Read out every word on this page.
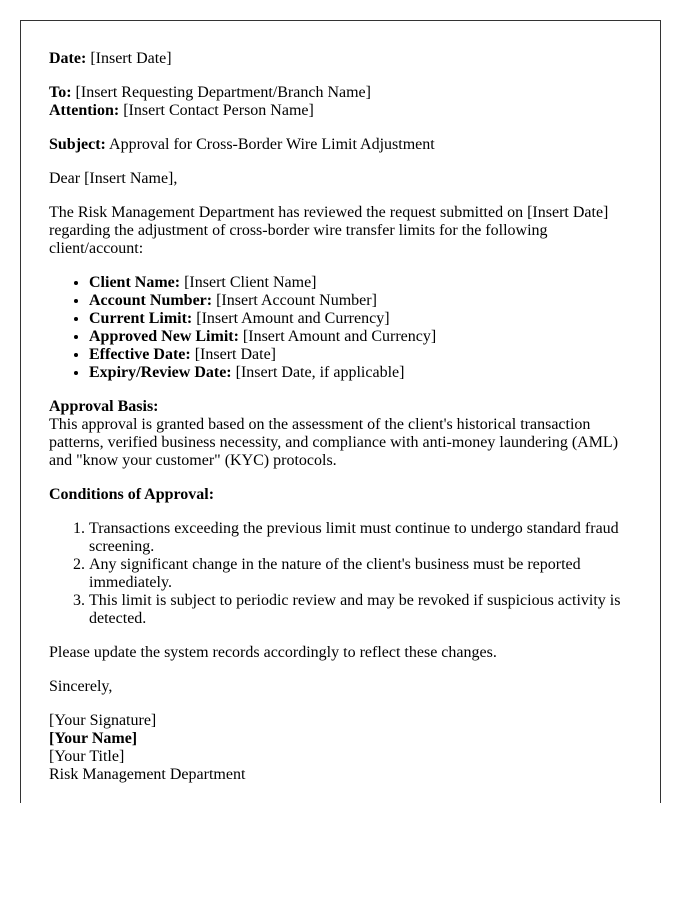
Date: [Insert Date]

To: [Insert Requesting Department/Branch Name]
Attention: [Insert Contact Person Name]

Subject: Approval for Cross-Border Wire Limit Adjustment

Dear [Insert Name],

The Risk Management Department has reviewed the request submitted on [Insert Date] regarding the adjustment of cross-border wire transfer limits for the following client/account:

• Client Name: [Insert Client Name]
• Account Number: [Insert Account Number]
• Current Limit: [Insert Amount and Currency]
• Approved New Limit: [Insert Amount and Currency]
• Effective Date: [Insert Date]
• Expiry/Review Date: [Insert Date, if applicable]

Approval Basis:
This approval is granted based on the assessment of the client's historical transaction patterns, verified business necessity, and compliance with anti-money laundering (AML) and "know your customer" (KYC) protocols.

Conditions of Approval:

1. Transactions exceeding the previous limit must continue to undergo standard fraud screening.
2. Any significant change in the nature of the client's business must be reported immediately.
3. This limit is subject to periodic review and may be revoked if suspicious activity is detected.

Please update the system records accordingly to reflect these changes.

Sincerely,

[Your Signature]
[Your Name]
[Your Title]
Risk Management Department
